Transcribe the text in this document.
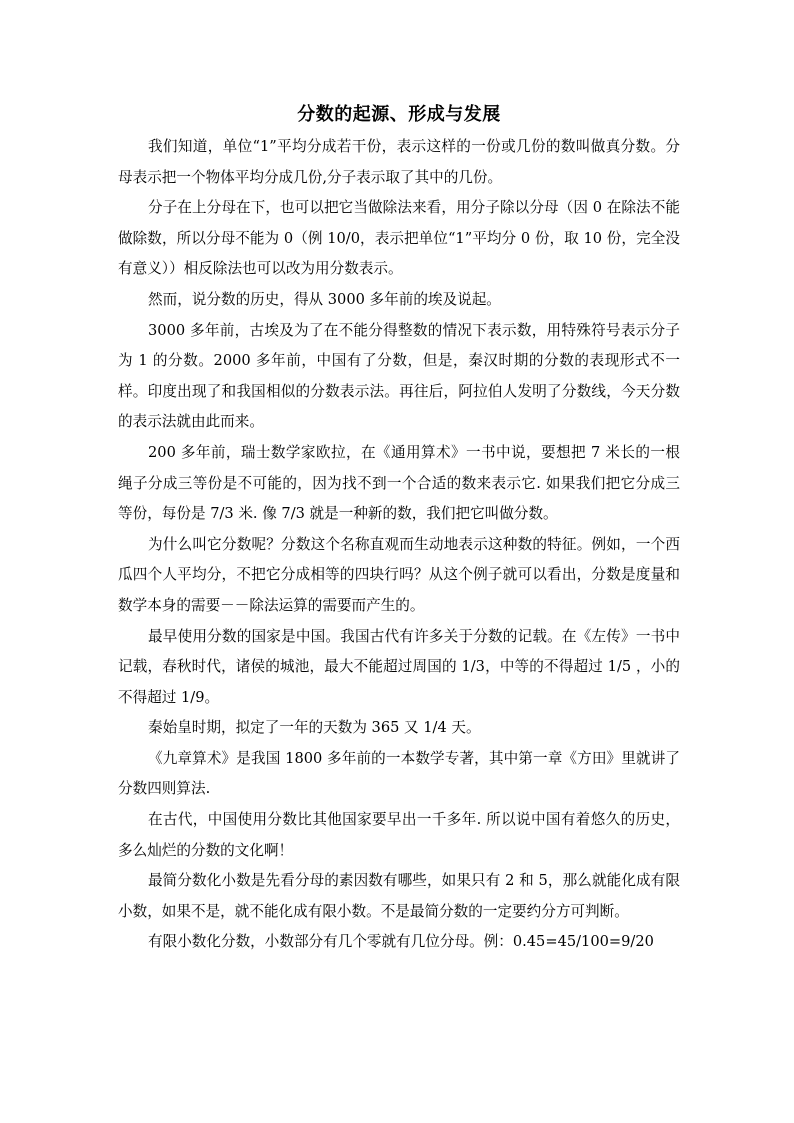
分数的起源、形成与发展

我们知道，单位“1”平均分成若干份，表示这样的一份或几份的数叫做真分数。分母表示把一个物体平均分成几份,分子表示取了其中的几份。

分子在上分母在下，也可以把它当做除法来看，用分子除以分母（因 0 在除法不能做除数，所以分母不能为 0（例 10/0，表示把单位“1”平均分 0 份，取 10 份，完全没有意义））相反除法也可以改为用分数表示。

然而，说分数的历史，得从 3000 多年前的埃及说起。

3000 多年前，古埃及为了在不能分得整数的情况下表示数，用特殊符号表示分子为 1 的分数。2000 多年前，中国有了分数，但是，秦汉时期的分数的表现形式不一样。印度出现了和我国相似的分数表示法。再往后，阿拉伯人发明了分数线，今天分数的表示法就由此而来。

200 多年前，瑞士数学家欧拉，在《通用算术》一书中说，要想把 7 米长的一根绳子分成三等份是不可能的，因为找不到一个合适的数来表示它. 如果我们把它分成三等份，每份是 7/3 米. 像 7/3 就是一种新的数，我们把它叫做分数。

为什么叫它分数呢？分数这个名称直观而生动地表示这种数的特征。例如，一个西瓜四个人平均分，不把它分成相等的四块行吗？从这个例子就可以看出，分数是度量和数学本身的需要－－除法运算的需要而产生的。

最早使用分数的国家是中国。我国古代有许多关于分数的记载。在《左传》一书中记载，春秋时代，诸侯的城池，最大不能超过周国的 1/3，中等的不得超过 1/5 ，小的不得超过 1/9。

秦始皇时期，拟定了一年的天数为 365 又 1/4 天。

《九章算术》是我国 1800 多年前的一本数学专著，其中第一章《方田》里就讲了分数四则算法.

在古代，中国使用分数比其他国家要早出一千多年. 所以说中国有着悠久的历史，多么灿烂的分数的文化啊！

最简分数化小数是先看分母的素因数有哪些，如果只有 2 和 5，那么就能化成有限小数，如果不是，就不能化成有限小数。不是最简分数的一定要约分方可判断。

有限小数化分数，小数部分有几个零就有几位分母。例：0.45=45/100=9/20
